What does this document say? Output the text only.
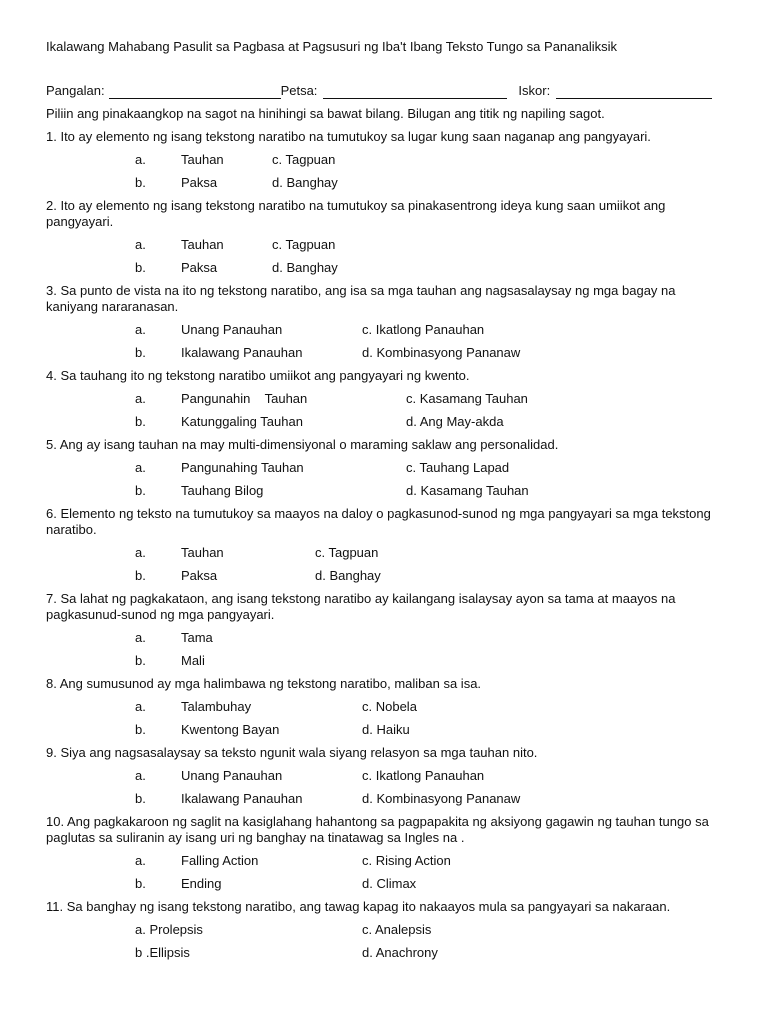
Ikalawang Mahabang Pasulit sa Pagbasa at Pagsusuri ng Iba't Ibang Teksto Tungo sa Pananaliksik
Pangalan:	Petsa:	Iskor:
Piliin ang pinakaangkop na sagot na hinihingi sa bawat bilang. Bilugan ang titik ng napiling sagot.
1. Ito ay elemento ng isang tekstong naratibo na tumutukoy sa lugar kung saan naganap ang pangyayari.
a.	Tauhan	c. Tagpuan
b.	Paksa	d. Banghay
2. Ito ay elemento ng isang tekstong naratibo na tumutukoy sa pinakasentrong ideya kung saan umiikot ang pangyayari.
a.	Tauhan	c. Tagpuan
b.	Paksa	d. Banghay
3. Sa punto de vista na ito ng tekstong naratibo, ang isa sa mga tauhan ang nagsasalaysay ng mga bagay na kaniyang nararanasan.
a.	Unang Panauhan	c. Ikatlong Panauhan
b.	Ikalawang Panauhan	d. Kombinasyong Pananaw
4. Sa tauhang ito ng tekstong naratibo umiikot ang pangyayari ng kwento.
a.	Pangunahin    Tauhan	c. Kasamang Tauhan
b.	Katunggaling Tauhan	d. Ang May-akda
5. Ang ay isang tauhan na may multi-dimensiyonal o maraming saklaw ang personalidad.
a.	Pangunahing Tauhan	c. Tauhang Lapad
b.	Tauhang Bilog	d. Kasamang Tauhan
6. Elemento ng teksto na tumutukoy sa maayos na daloy o pagkasunod-sunod ng mga pangyayari sa mga tekstong naratibo.
a.	Tauhan	c. Tagpuan
b.	Paksa	d. Banghay
7. Sa lahat ng pagkakataon, ang isang tekstong naratibo ay kailangang isalaysay ayon sa tama at maayos na pagkasunud-sunod ng mga pangyayari.
a.	Tama
b.	Mali
8. Ang sumusunod ay mga halimbawa ng tekstong naratibo, maliban sa isa.
a.	Talambuhay	c. Nobela
b.	Kwentong Bayan	d. Haiku
9. Siya ang nagsasalaysay sa teksto ngunit wala siyang relasyon sa mga tauhan nito.
a.	Unang Panauhan	c. Ikatlong Panauhan
b.	Ikalawang Panauhan	d. Kombinasyong Pananaw
10. Ang pagkakaroon ng saglit na kasiglahang hahantong sa pagpapakita ng aksiyong gagawin ng tauhan tungo sa paglutas sa suliranin ay isang uri ng banghay na tinatawag sa Ingles na .
a.	Falling Action	c. Rising Action
b.	Ending	d. Climax
11. Sa banghay ng isang tekstong naratibo, ang tawag kapag ito nakaayos mula sa pangyayari sa nakaraan.
a. Prolepsis	c. Analepsis
b .Ellipsis	d. Anachrony
